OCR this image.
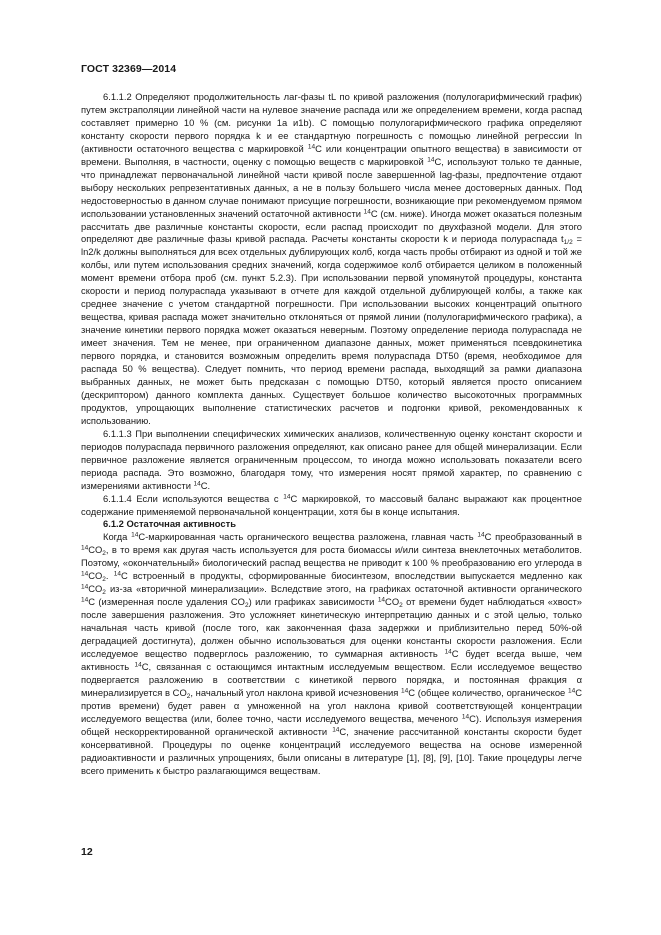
ГОСТ 32369—2014

6.1.1.2 Определяют продолжительность лаг-фазы tL по кривой разложения (полулогарифмический график) путем экстраполяции линейной части на нулевое значение распада или же определением времени, когда распад составляет примерно 10 % (см. рисунки 1а и1b). С помощью полулогарифмического графика определяют константу скорости первого порядка k и ее стандартную погрешность с помощью линейной регрессии ln (активности остаточного вещества с маркировкой $^{14}$C или концентрации опытного вещества) в зависимости от времени. Выполняя, в частности, оценку с помощью веществ с маркировкой $^{14}$C, используют только те данные, что принадлежат первоначальной линейной части кривой после завершенной lag-фазы, предпочтение отдают выбору нескольких репрезентативных данных, а не в пользу большего числа менее достоверных данных. Под недостоверностью в данном случае понимают присущие погрешности, возникающие при рекомендуемом прямом использовании установленных значений остаточной активности $^{14}$C (см. ниже). Иногда может оказаться полезным рассчитать две различные константы скорости, если распад происходит по двухфазной модели. Для этого определяют две различные фазы кривой распада. Расчеты константы скорости k и периода полураспада $t_{1/2} = \ln 2/k$ должны выполняться для всех отдельных дублирующих колб, когда часть пробы отбирают из одной и той же колбы, или путем использования средних значений, когда содержимое колб отбирается целиком в положенный момент времени отбора проб (см. пункт 5.2.3). При использовании первой упомянутой процедуры, константа скорости и период полураспада указывают в отчете для каждой отдельной дублирующей колбы, а также как среднее значение с учетом стандартной погрешности. При использовании высоких концентраций опытного вещества, кривая распада может значительно отклоняться от прямой линии (полулогарифмического графика), а значение кинетики первого порядка может оказаться неверным. Поэтому определение периода полураспада не имеет значения. Тем не менее, при ограниченном диапазоне данных, может применяться псевдокинетика первого порядка, и становится возможным определить время полураспада DT50 (время, необходимое для распада 50 % вещества). Следует помнить, что период времени распада, выходящий за рамки диапазона выбранных данных, не может быть предсказан с помощью DT50, который является просто описанием (дескриптором) данного комплекта данных. Существует большое количество высокоточных программных продуктов, упрощающих выполнение статистических расчетов и подгонки кривой, рекомендованных к использованию.

6.1.1.3 При выполнении специфических химических анализов, количественную оценку констант скорости и периодов полураспада первичного разложения определяют, как описано ранее для общей минерализации. Если первичное разложение является ограниченным процессом, то иногда можно использовать показатели всего периода распада. Это возможно, благодаря тому, что измерения носят прямой характер, по сравнению с измерениями активности $^{14}$C.

6.1.1.4 Если используются вещества с $^{14}$C маркировкой, то массовый баланс выражают как процентное содержание применяемой первоначальной концентрации, хотя бы в конце испытания.

6.1.2 Остаточная активность

Когда $^{14}$C-маркированная часть органического вещества разложена, главная часть $^{14}$C преобразованный в $^{14}CO_2$, в то время как другая часть используется для роста биомассы и/или синтеза внеклеточных метаболитов. Поэтому, «окончательный» биологический распад вещества не приводит к 100 % преобразованию его углерода в $^{14}CO_2$. $^{14}$C встроенный в продукты, сформированные биосинтезом, впоследствии выпускается медленно как $^{14}CO_2$ из-за «вторичной минерализации». Вследствие этого, на графиках остаточной активности органического $^{14}$C (измеренная после удаления $CO_2$) или графиках зависимости $^{14}CO_2$ от времени будет наблюдаться «хвост» после завершения разложения. Это усложняет кинетическую интерпретацию данных и с этой целью, только начальная часть кривой (после того, как законченная фаза задержки и приблизительно перед 50%-ой деградацией достигнута), должен обычно использоваться для оценки константы скорости разложения. Если исследуемое вещество подверглось разложению, то суммарная активность $^{14}$C будет всегда выше, чем активность $^{14}$C, связанная с остающимся интактным исследуемым веществом. Если исследуемое вещество подвергается разложению в соответствии с кинетикой первого порядка, и постоянная фракция α минерализируется в $CO_2$, начальный угол наклона кривой исчезновения $^{14}$C (общее количество, органическое $^{14}$C против времени) будет равен α умноженной на угол наклона кривой соответствующей концентрации исследуемого вещества (или, более точно, части исследуемого вещества, меченого $^{14}$C). Используя измерения общей нескорректированной органической активности $^{14}$C, значение рассчитанной константы скорости будет консервативной. Процедуры по оценке концентраций исследуемого вещества на основе измеренной радиоактивности и различных упрощениях, были описаны в литературе [1], [8], [9], [10]. Такие процедуры легче всего применить к быстро разлагающимся веществам.

12
